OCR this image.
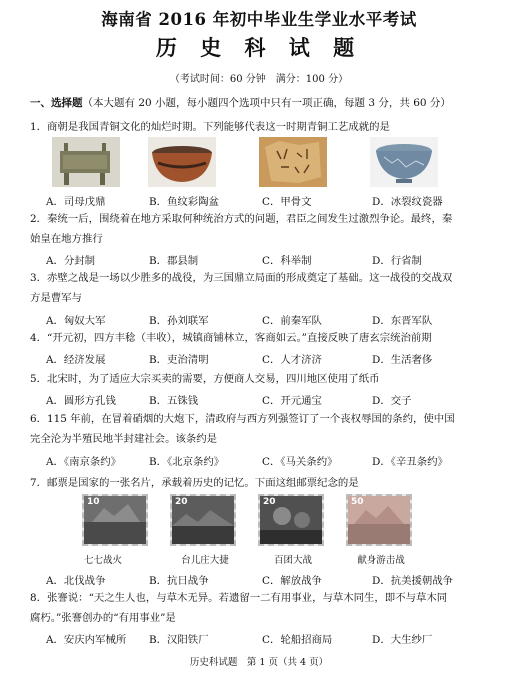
海南省 2016 年初中毕业生学业水平考试
历 史 科 试 题
（考试时间：60 分钟　满分：100 分）
一、选择题（本大题有 20 小题，每小题四个选项中只有一项正确，每题 3 分，共 60 分）
1．商朝是我国青铜文化的灿烂时期。下列能够代表这一时期青铜工艺成就的是
A．司母戊鼎	B．鱼纹彩陶盆	C．甲骨文	D．冰裂纹瓷器
2．秦统一后，围绕着在地方采取何种统治方式的问题，君臣之间发生过激烈争论。最终，秦
始皇在地方推行
A．分封制	B．郡县制	C．科举制	D．行省制
3．赤壁之战是一场以少胜多的战役，为三国鼎立局面的形成奠定了基础。这一战役的交战双
方是曹军与
A．匈奴大军	B．孙刘联军	C．前秦军队	D．东晋军队
4．“开元初，四方丰稔（丰收），城镇商铺林立，客商如云。”直接反映了唐玄宗统治前期
A．经济发展	B．吏治清明	C．人才济济	D．生活奢侈
5．北宋时，为了适应大宗买卖的需要，方便商人交易，四川地区使用了纸币
A．圆形方孔钱	B．五铢钱	C．开元通宝	D．交子
6．115 年前，在冒着硝烟的大炮下，清政府与西方列强签订了一个丧权辱国的条约，使中国
完全沦为半殖民地半封建社会。该条约是
A．《南京条约》	B．《北京条约》	C．《马关条约》	D．《辛丑条约》
7．邮票是国家的一张名片，承载着历史的记忆。下面这组邮票纪念的是
10	20	20	50
七七战火	台儿庄大捷	百团大战	献身游击战
A．北伐战争	B．抗日战争	C．解放战争	D．抗美援朝战争
8．张謇说：“天之生人也，与草木无异。若遗留一二有用事业，与草木同生，即不与草木同
腐朽。”张謇创办的“有用事业”是
A．安庆内军械所 B．汉阳铁厂	C．轮船招商局	D．大生纱厂
历史科试题　第 1 页（共 4 页）
